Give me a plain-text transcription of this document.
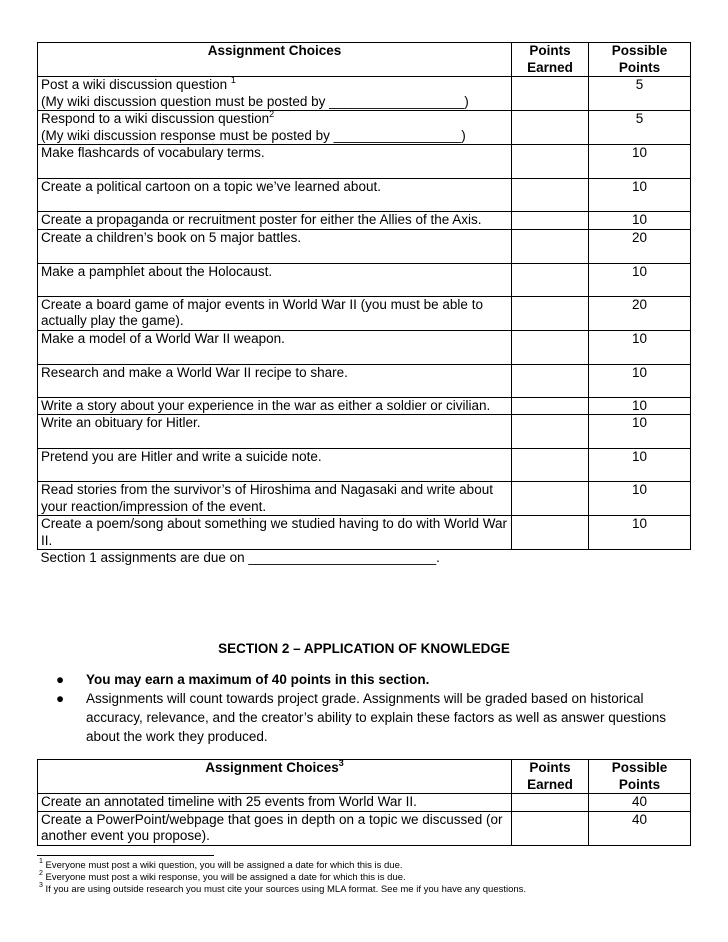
Assignment Choices	Points Earned	Possible Points
Post a wiki discussion question $^1$
(My wiki discussion question must be posted by __________________)		5
Respond to a wiki discussion question$^2$
(My wiki discussion response must be posted by _________________)		5
Make flashcards of vocabulary terms.		10
Create a political cartoon on a topic we’ve learned about.		10
Create a propaganda or recruitment poster for either the Allies of the Axis.		10
Create a children’s book on 5 major battles.		20
Make a pamphlet about the Holocaust.		10
Create a board game of major events in World War II (you must be able to actually play the game).		20
Make a model of a World War II weapon.		10
Research and make a World War II recipe to share.		10
Write a story about your experience in the war as either a soldier or civilian.		10
Write an obituary for Hitler.		10
Pretend you are Hitler and write a suicide note.		10
Read stories from the survivor’s of Hiroshima and Nagasaki and write about your reaction/impression of the event.		10
Create a poem/song about something we studied having to do with World War II.		10
Section 1 assignments are due on _________________________.		
SECTION 2 – APPLICATION OF KNOWLEDGE
● You may earn a maximum of 40 points in this section.
● Assignments will count towards project grade. Assignments will be graded based on historical accuracy, relevance, and the creator’s ability to explain these factors as well as answer questions about the work they produced.
Assignment Choices$^3$	Points Earned	Possible Points
Create an annotated timeline with 25 events from World War II.		40
Create a PowerPoint/webpage that goes in depth on a topic we discussed (or another event you propose).		40
$^1$ Everyone must post a wiki question, you will be assigned a date for which this is due.
$^2$ Everyone must post a wiki response, you will be assigned a date for which this is due.
$^3$ If you are using outside research you must cite your sources using MLA format. See me if you have any questions.
